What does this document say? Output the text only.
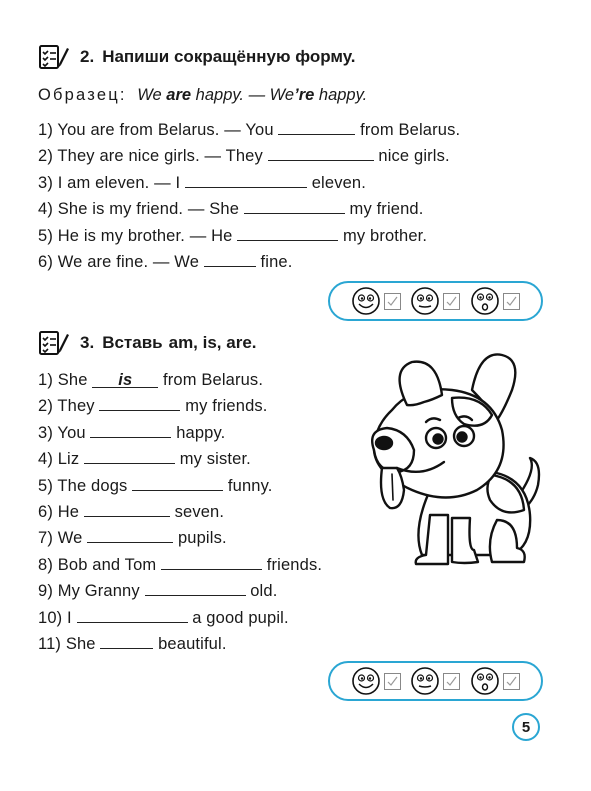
2. Напиши сокращённую форму.
Образец: We are happy. — We’re happy.
1) You are from Belarus. — You	from Belarus.
2) They are nice girls. — They	nice girls.
3) I am eleven. — I	eleven.
4) She is my friend. — She	my friend.
5) He is my brother. — He	my brother.
6) We are fine. — We	fine.
3. Вставь am, is, are.
1) She is from Belarus.
2) They	my friends.
3) You	happy.
4) Liz	my sister.
5) The dogs	funny.
6) He	seven.
7) We	pupils.
8) Bob and Tom	friends.
9) My Granny	old.
10) I	a good pupil.
11) She	beautiful.
5
